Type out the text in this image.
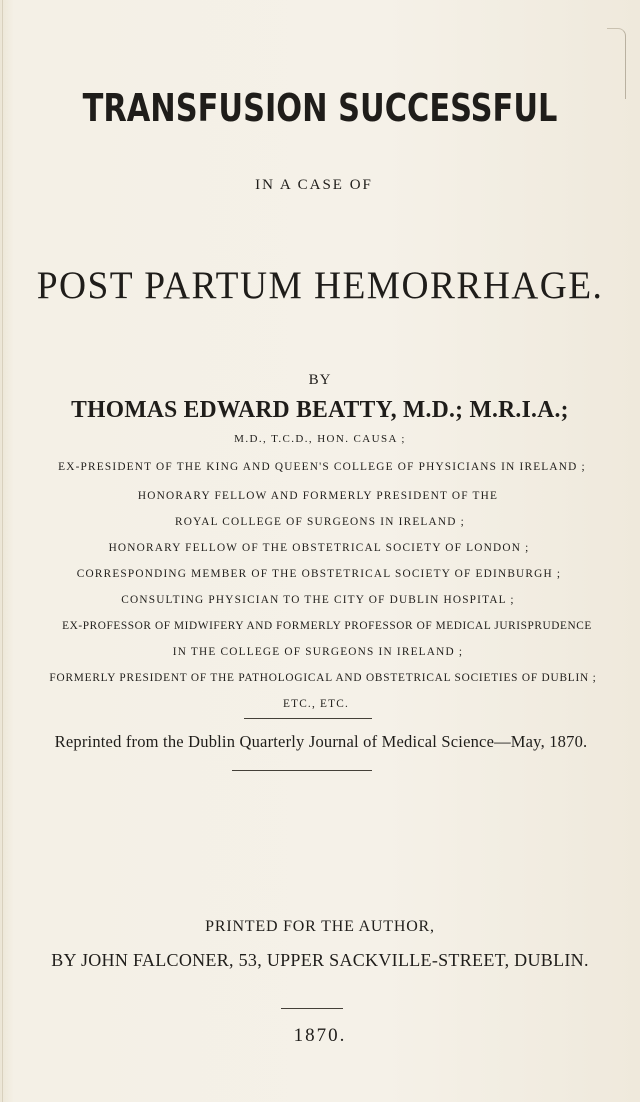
TRANSFUSION SUCCESSFUL

IN A CASE OF

POST PARTUM HEMORRHAGE.

BY

THOMAS EDWARD BEATTY, M.D.; M.R.I.A.;

M.D., T.C.D., HON. CAUSA ;

EX-PRESIDENT OF THE KING AND QUEEN'S COLLEGE OF PHYSICIANS IN IRELAND ;

HONORARY FELLOW AND FORMERLY PRESIDENT OF THE

ROYAL COLLEGE OF SURGEONS IN IRELAND ;

HONORARY FELLOW OF THE OBSTETRICAL SOCIETY OF LONDON ;

CORRESPONDING MEMBER OF THE OBSTETRICAL SOCIETY OF EDINBURGH ;

CONSULTING PHYSICIAN TO THE CITY OF DUBLIN HOSPITAL ;

EX-PROFESSOR OF MIDWIFERY AND FORMERLY PROFESSOR OF MEDICAL JURISPRUDENCE

IN THE COLLEGE OF SURGEONS IN IRELAND ;

FORMERLY PRESIDENT OF THE PATHOLOGICAL AND OBSTETRICAL SOCIETIES OF DUBLIN ;

ETC., ETC.

Reprinted from the Dublin Quarterly Journal of Medical Science—May, 1870.

PRINTED FOR THE AUTHOR,

BY JOHN FALCONER, 53, UPPER SACKVILLE-STREET, DUBLIN.

1870.
